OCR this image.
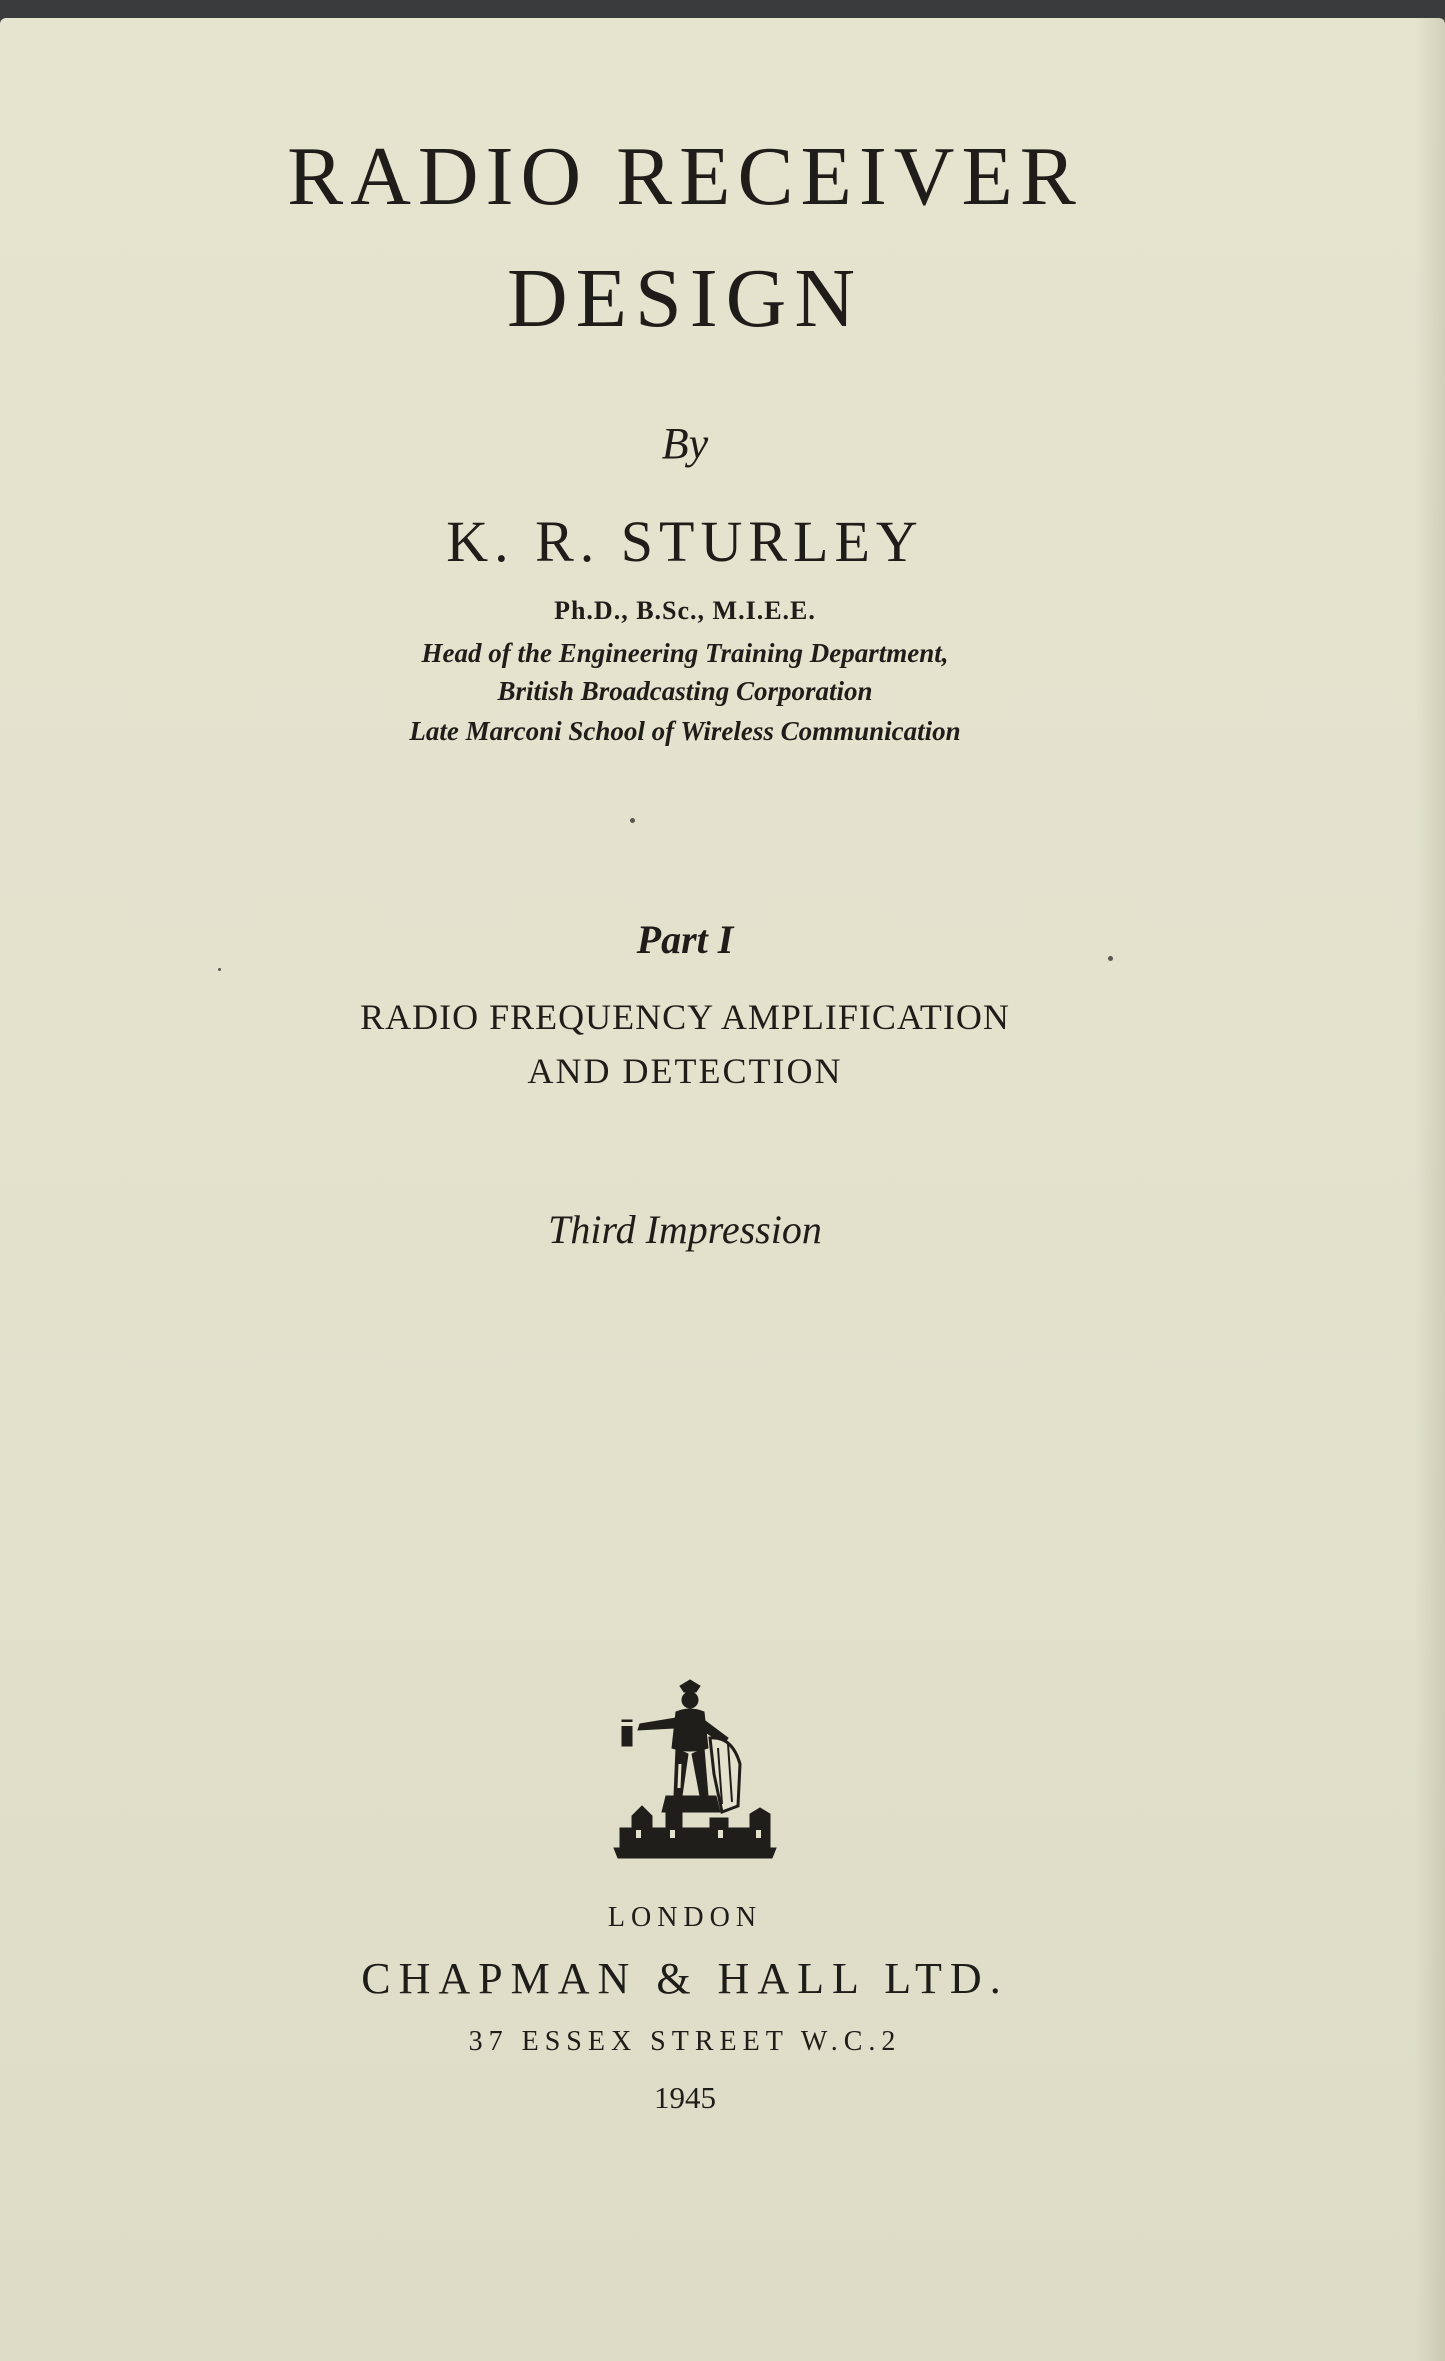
RADIO RECEIVER
DESIGN
By
K. R. STURLEY
Ph.D., B.Sc., M.I.E.E.
Head of the Engineering Training Department,
British Broadcasting Corporation
Late Marconi School of Wireless Communication
Part I
RADIO FREQUENCY AMPLIFICATION
AND DETECTION
Third Impression
LONDON
CHAPMAN & HALL LTD.
37 ESSEX STREET W.C.2
1945
